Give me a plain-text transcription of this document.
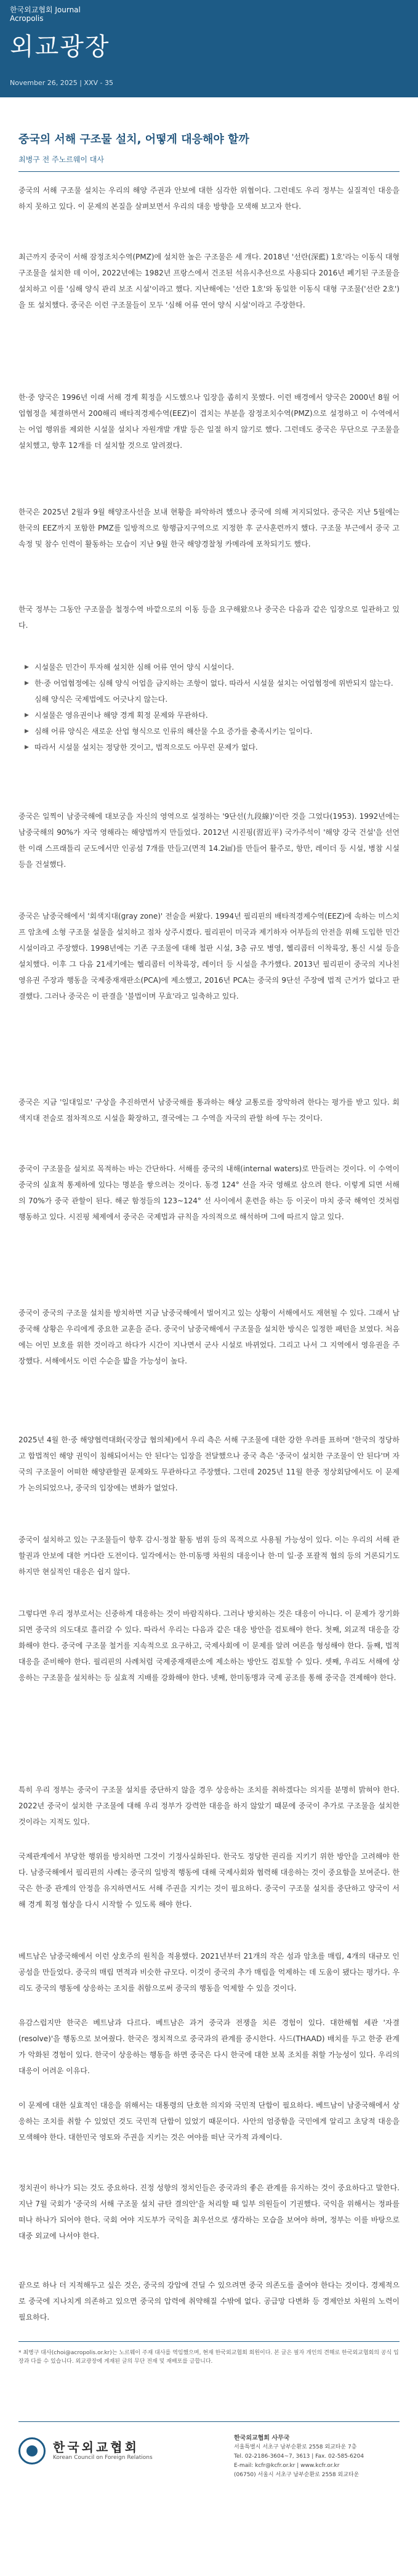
한국외교협회 Journal
Acropolis
외교광장
November 26, 2025 | XXV - 35
중국의 서해 구조물 설치, 어떻게 대응해야 할까
최병구 전 주노르웨이 대사

중국의 서해 구조물 설치는 우리의 해양 주권과 안보에 대한 심각한 위협이다. 그런데도 우리 정부는 실질적인 대응을 하지 못하고 있다. 이 문제의 본질을 살펴보면서 우리의 대응 방향을 모색해 보고자 한다.

최근까지 중국이 서해 잠정조치수역(PMZ)에 설치한 높은 구조물은 세 개다. 2018년 '선란(深藍) 1호'라는 이동식 대형 구조물을 설치한 데 이어, 2022년에는 1982년 프랑스에서 건조된 석유시추선으로 사용되다 2016년 폐기된 구조물을 설치하고 이를 '심해 양식 관리 보조 시설'이라고 했다. 지난해에는 '선란 1호'와 동일한 이동식 대형 구조물('선란 2호')을 또 설치했다. 중국은 이런 구조물들이 모두 '심해 어류 연어 양식 시설'이라고 주장한다.

한·중 양국은 1996년 이래 서해 경계 획정을 시도했으나 입장을 좁히지 못했다. 이런 배경에서 양국은 2000년 8월 어업협정을 체결하면서 200해리 배타적경제수역(EEZ)이 겹치는 부분을 잠정조치수역(PMZ)으로 설정하고 이 수역에서는 어업 행위를 제외한 시설물 설치나 자원개발 개발 등은 일절 하지 않기로 했다. 그런데도 중국은 무단으로 구조물을 설치했고, 향후 12개를 더 설치할 것으로 알려졌다.

한국은 2025년 2월과 9월 해양조사선을 보내 현황을 파악하려 했으나 중국에 의해 저지되었다. 중국은 지난 5월에는 한국의 EEZ까지 포함한 PMZ를 일방적으로 항행금지구역으로 지정한 후 군사훈련까지 했다. 구조물 부근에서 중국 고속정 및 참수 인력이 활동하는 모습이 지난 9월 한국 해양경찰청 카메라에 포착되기도 했다.

한국 정부는 그동안 구조물을 철정수역 바깥으로의 이동 등을 요구해왔으나 중국은 다음과 같은 입장으로 일관하고 있다.

▶ 시설물은 민간이 투자해 설치한 심해 어류 연어 양식 시설이다.
▶ 한·중 어업협정에는 심해 양식 어업을 금지하는 조항이 없다. 따라서 시설물 설치는 어업협정에 위반되지 않는다. 심해 양식은 국제법에도 어긋나지 않는다.
▶ 시설물은 영유권이나 해양 경계 획정 문제와 무관하다.
▶ 심해 어류 양식은 새로운 산업 형식으로 인류의 해산물 수요 증가를 충족시키는 일이다.
▶ 따라서 시설물 설치는 정당한 것이고, 법적으로도 아무런 문제가 없다.

중국은 일찍이 남중국해에 대보궁을 자신의 영역으로 설정하는 '9단선(九段線)'이란 것을 그었다(1953). 1992년에는 남중국해의 90%가 자국 영해라는 해양법까지 만들었다. 2012년 시진핑(習近平) 국가주석이 '해양 강국 건설'을 선언한 이래 스프래틀리 군도에서만 인공섬 7개를 만들고(면적 14.2㎢)를 만들어 활주로, 항만, 레이더 등 시설, 병참 시설 등을 건설했다.

중국은 남중국해에서 '회색지대(gray zone)' 전술을 써왔다. 1994년 필리핀의 배타적경제수역(EEZ)에 속하는 미스치프 암초에 소형 구조물 설물을 설치하고 점차 상주시켰다. 필리핀이 미국과 제기하자 어부들의 안전을 위해 도입한 민간 시설이라고 주장했다. 1998년에는 기존 구조물에 대해 철판 시설, 3층 규모 병영, 헬리콥터 이착륙장, 통신 시설 등을 설치했다. 이후 그 다음 21세기에는 헬리콥터 이착륙장, 레이더 등 시설을 추가했다. 2013년 필리핀이 중국의 지나친 영유권 주장과 행동을 국제중재재판소(PCA)에 제소했고, 2016년 PCA는 중국의 9단선 주장에 법적 근거가 없다고 판결했다. 그러나 중국은 이 판결을 '불법이며 무효'라고 일축하고 있다.

중국은 지금 '일대일로' 구상을 추진하면서 남중국해를 통과하는 해상 교통로를 장악하려 한다는 평가를 받고 있다. 회색지대 전술로 점차적으로 시설을 확장하고, 결국에는 그 수역을 자국의 관할 하에 두는 것이다.

중국이 구조물을 설치로 목적하는 바는 간단하다. 서해를 중국의 내해(internal waters)로 만들려는 것이다. 이 수역이 중국의 실효적 통제하에 있다는 명분을 쌓으려는 것이다. 동경 124° 선을 자국 영해로 삼으려 한다. 이렇게 되면 서해의 70%가 중국 관할이 된다. 해군 함정들의 123~124° 선 사이에서 훈련을 하는 등 이곳이 마치 중국 해역인 것처럼 행동하고 있다. 시진핑 체제에서 중국은 국제법과 규칙을 자의적으로 해석하며 그에 따르지 않고 있다.

중국이 중국의 구조물 설치를 방치하면 지금 남중국해에서 벌어지고 있는 상황이 서해에서도 재현될 수 있다. 그래서 남중국해 상황은 우리에게 중요한 교훈을 준다. 중국이 남중국해에서 구조물을 설치한 방식은 일정한 패턴을 보였다. 처음에는 어민 보호를 위한 것이라고 하다가 시간이 지나면서 군사 시설로 바뀌었다. 그리고 나서 그 지역에서 영유권을 주장했다. 서해에서도 이런 수순을 밟을 가능성이 높다.

2025년 4월 한·중 해양협력대화(국장급 협의체)에서 우리 측은 서해 구조물에 대한 강한 우려를 표하며 '한국의 정당하고 합법적인 해양 권익이 침해되어서는 안 된다'는 입장을 전달했으나 중국 측은 '중국이 설치한 구조물이 안 된다'며 자국의 구조물이 어떠한 해양관할권 문제와도 무관하다고 주장했다. 그런데 2025년 11월 한중 정상회담에서도 이 문제가 논의되었으나, 중국의 입장에는 변화가 없었다.

중국이 설치하고 있는 구조물들이 향후 감시·정찰 활동 범위 등의 목적으로 사용될 가능성이 있다. 이는 우리의 서해 관할권과 안보에 대한 커다란 도전이다. 일각에서는 한·미동맹 차원의 대응이나 한·미 일·중 포괄적 협의 등의 거론되기도 하지만 현실적인 대응은 쉽지 않다.

그렇다면 우리 정부로서는 신중하게 대응하는 것이 바람직하다. 그러나 방치하는 것은 대응이 아니다. 이 문제가 장기화되면 중국의 의도대로 흘러갈 수 있다. 따라서 우리는 다음과 같은 대응 방안을 검토해야 한다. 첫째, 외교적 대응을 강화해야 한다. 중국에 구조물 철거를 지속적으로 요구하고, 국제사회에 이 문제를 알려 여론을 형성해야 한다. 둘째, 법적 대응을 준비해야 한다. 필리핀의 사례처럼 국제중재재판소에 제소하는 방안도 검토할 수 있다. 셋째, 우리도 서해에 상응하는 구조물을 설치하는 등 실효적 지배를 강화해야 한다. 넷째, 한미동맹과 국제 공조를 통해 중국을 견제해야 한다.

특히 우리 정부는 중국이 구조물 설치를 중단하지 않을 경우 상응하는 조치를 취하겠다는 의지를 분명히 밝혀야 한다. 2022년 중국이 설치한 구조물에 대해 우리 정부가 강력한 대응을 하지 않았기 때문에 중국이 추가로 구조물을 설치한 것이라는 지적도 있다.

국제관계에서 부당한 행위를 방치하면 그것이 기정사실화된다. 한국도 정당한 권리를 지키기 위한 방안을 고려해야 한다. 남중국해에서 필리핀의 사례는 중국의 일방적 행동에 대해 국제사회와 협력해 대응하는 것이 중요함을 보여준다. 한국은 한·중 관계의 안정을 유지하면서도 서해 주권을 지키는 것이 필요하다. 중국이 구조물 설치를 중단하고 양국이 서해 경계 획정 협상을 다시 시작할 수 있도록 해야 한다.

베트남은 남중국해에서 이런 상호주의 원칙을 적용했다. 2021년부터 21개의 작은 섬과 암초를 매립, 4개의 대규모 인공섬을 만들었다. 중국의 매립 면적과 비슷한 규모다. 이것이 중국의 추가 매립을 억제하는 데 도움이 됐다는 평가다. 우리도 중국의 행동에 상응하는 조치를 취함으로써 중국의 행동을 억제할 수 있을 것이다.

유감스럽지만 한국은 베트남과 다르다. 베트남은 과거 중국과 전쟁을 치른 경험이 있다. 대한해협 세관 '자결(resolve)'을 행동으로 보여줬다. 한국은 정치적으로 중국과의 관계를 중시한다. 사드(THAAD) 배치를 두고 한중 관계가 악화된 경험이 있다. 한국이 상응하는 행동을 하면 중국은 다시 한국에 대한 보복 조치를 취할 가능성이 있다. 우리의 대응이 어려운 이유다.

이 문제에 대한 실효적인 대응을 위해서는 대통령의 단호한 의지와 국민적 단합이 필요하다. 베트남이 남중국해에서 상응하는 조치를 취할 수 있었던 것도 국민적 단합이 있었기 때문이다. 사안의 엄중함을 국민에게 알리고 초당적 대응을 모색해야 한다. 대한민국 영토와 주권을 지키는 것은 여야를 떠난 국가적 과제이다.

정치권이 하나가 되는 것도 중요하다. 진정 성향의 정치인들은 중국과의 좋은 관계를 유지하는 것이 중요하다고 말한다. 지난 7월 국회가 '중국의 서해 구조물 설치 규탄 결의안'을 처리할 때 일부 의원들이 기권했다. 국익을 위해서는 정파를 떠나 하나가 되어야 한다. 국회 여야 지도부가 국익을 최우선으로 생각하는 모습을 보여야 하며, 정부는 이를 바탕으로 대중 외교에 나서야 한다.

끝으로 하나 더 지적해두고 싶은 것은, 중국의 강압에 견딜 수 있으려면 중국 의존도를 줄여야 한다는 것이다. 경제적으로 중국에 지나치게 의존하고 있으면 중국의 압력에 취약해질 수밖에 없다. 공급망 다변화 등 경제안보 차원의 노력이 필요하다.

* 최병구 대사(choi@acropolis.or.kr)는 노르웨이 주재 대사를 역임했으며, 현재 한국외교협회 회원이다. 본 글은 필자 개인의 견해로 한국외교협회의 공식 입장과 다를 수 있습니다. 외교광장에 게재된 글의 무단 전재 및 재배포를 금합니다.

한국외교협회
Korean Council on Foreign Relations
한국외교협회 사무국
서울특별시 서초구 남부순환로 2558 외교타운 7층
Tel. 02-2186-3604~7, 3613 | Fax. 02-585-6204
E-mail: kcfr@kcfr.or.kr | www.kcfr.or.kr
(06750) 서울시 서초구 남부순환로 2558 외교타운
